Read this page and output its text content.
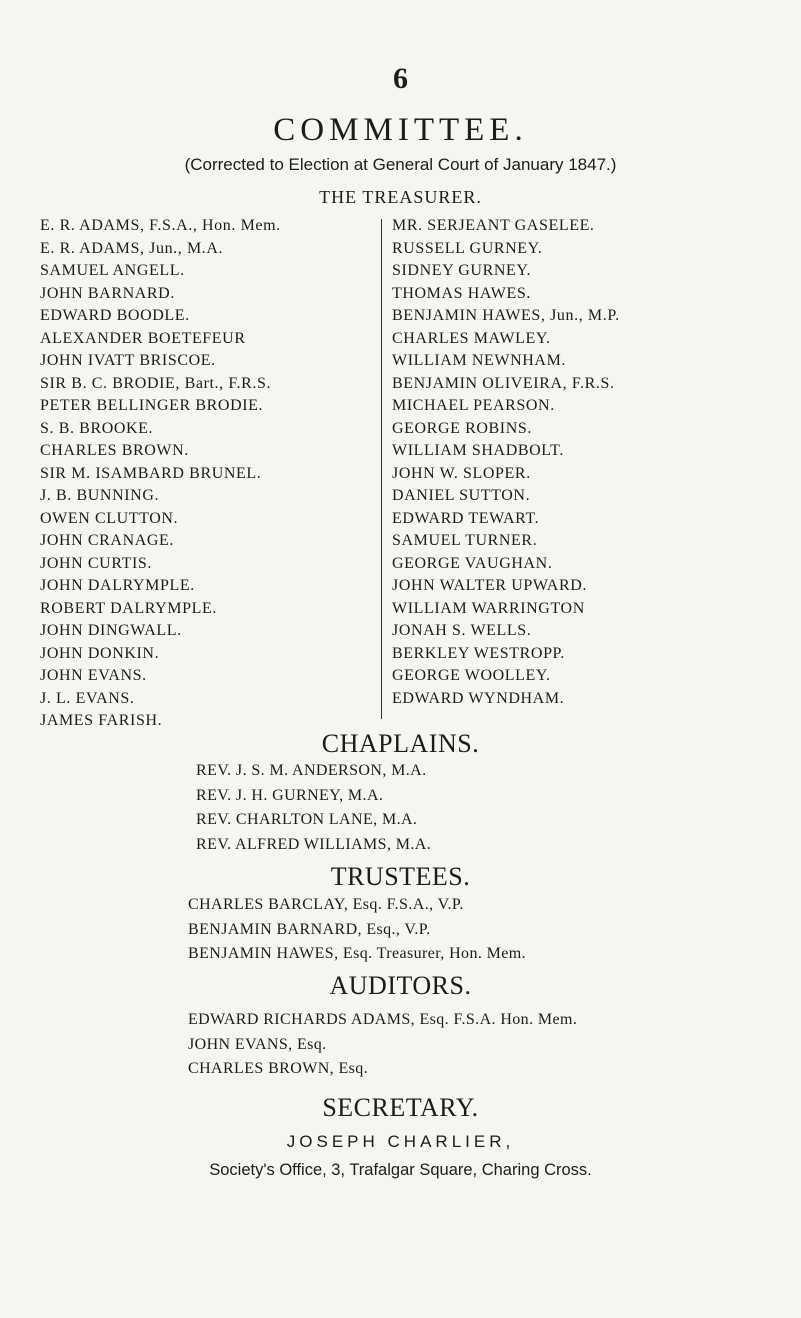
6
COMMITTEE.
(Corrected to Election at General Court of January 1847.)
THE TREASURER.
E. R. ADAMS, F.S.A., Hon. Mem.
E. R. ADAMS, Jun., M.A.
SAMUEL ANGELL.
JOHN BARNARD.
EDWARD BOODLE.
ALEXANDER BOETEFEUR
JOHN IVATT BRISCOE.
SIR B. C. BRODIE, Bart., F.R.S.
PETER BELLINGER BRODIE.
S. B. BROOKE.
CHARLES BROWN.
SIR M. ISAMBARD BRUNEL.
J. B. BUNNING.
OWEN CLUTTON.
JOHN CRANAGE.
JOHN CURTIS.
JOHN DALRYMPLE.
ROBERT DALRYMPLE.
JOHN DINGWALL.
JOHN DONKIN.
JOHN EVANS.
J. L. EVANS.
JAMES FARISH.
MR. SERJEANT GASELEE.
RUSSELL GURNEY.
SIDNEY GURNEY.
THOMAS HAWES.
BENJAMIN HAWES, Jun., M.P.
CHARLES MAWLEY.
WILLIAM NEWNHAM.
BENJAMIN OLIVEIRA, F.R.S.
MICHAEL PEARSON.
GEORGE ROBINS.
WILLIAM SHADBOLT.
JOHN W. SLOPER.
DANIEL SUTTON.
EDWARD TEWART.
SAMUEL TURNER.
GEORGE VAUGHAN.
JOHN WALTER UPWARD.
WILLIAM WARRINGTON
JONAH S. WELLS.
BERKLEY WESTROPP.
GEORGE WOOLLEY.
EDWARD WYNDHAM.
CHAPLAINS.
REV. J. S. M. ANDERSON, M.A.
REV. J. H. GURNEY, M.A.
REV. CHARLTON LANE, M.A.
REV. ALFRED WILLIAMS, M.A.
TRUSTEES.
CHARLES BARCLAY, Esq. F.S.A., V.P.
BENJAMIN BARNARD, Esq., V.P.
BENJAMIN HAWES, Esq. Treasurer, Hon. Mem.
AUDITORS.
EDWARD RICHARDS ADAMS, Esq. F.S.A. Hon. Mem.
JOHN EVANS, Esq.
CHARLES BROWN, Esq.
SECRETARY.
JOSEPH CHARLIER,
Society's Office, 3, Trafalgar Square, Charing Cross.
